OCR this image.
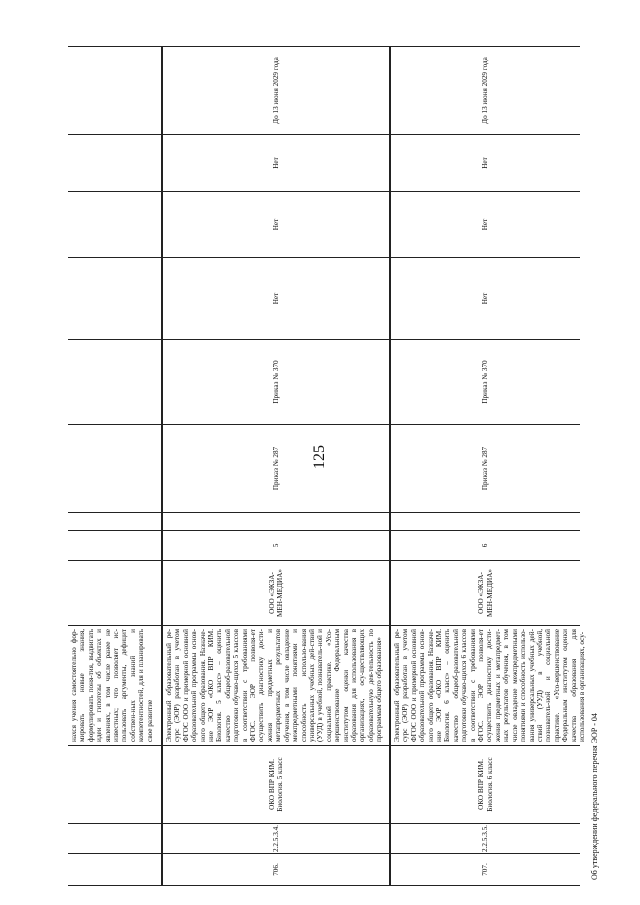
125
нахся учения самостоятельно фор-мировать новые знания, формулировать поня-тия, выдвигать идеи и гипотезы об объектах и явлениях, в том числе ранее не известных; что позволяет ис-пользовать аргументы, дефицит собствен-ных знаний и компетентностей, для и планировать свое развитие
706.
2.2.5.3.4.
ОКО ВПР КИМ. Биология. 5 класс
Электронный образовательный ре-сурс (ЭОР) разработан в учетом ФГОС ООО и примерной основной образовательной программы основ-ного общего образования. Назначе-ние ЭОР «ОКО ВПР КИМ. Биология. 5 класс» – оценить качество общеоб-разовательной подготовки обучаю-щихся 5 классов в соответствии с требованиями ФГОС. ЭОР позволя-ет осуществить диагностику дости-жения предметных и метапредметных результатов обучения, в том числе овладение межпредметными понятиями и способность использо-вания универсальных учебных дей-ствий (УУД) в учебной, познаватель-ной и социальной практике. «Усо-вершенствование Федеральным институтом оценки качества образования для использования в организациях, осу-ществляющих образовательную дея-тельность по программам общего образования»
ООО «ЭКЗА-МЕН-МЕДИА»
5
Приказ № 287
Приказ № 370
Нет
Нет
Нет
До 13 июня 2029 года
707.
2.2.5.3.5.
ОКО ВПР КИМ. Биология. 6 класс
Электронный образовательный ре-сурс (ЭОР) разработан в учетом ФГОС ООО и примерной основной образовательной программы основ-ного общего образования. Назначе-ние ЭОР «ОКО ВПР КИМ. Биология. 6 класс» – оценить качество общеоб-разовательной подготовки обучаю-щихся 6 классов в соответствии с требованиями ФГОС. ЭОР позволя-ет осуществить диагностику дости-жения предметных и метапредмет-ных результатов обучения, в том числе овладение межпредметными понятиями и способность использо-вания универсальных учебных дей-ствий (УУД) в учебной, познаватель-ной и социальной практике. «Усо-вершенствование Федеральным институтом оценки качества образования для использования в организациях, осу-
ООО «ЭКЗА-МЕН-МЕДИА»
6
Приказ № 287
Приказ № 370
Нет
Нет
Нет
До 13 июня 2029 года
Об утверждении федерального перечня ЭОР - 04
